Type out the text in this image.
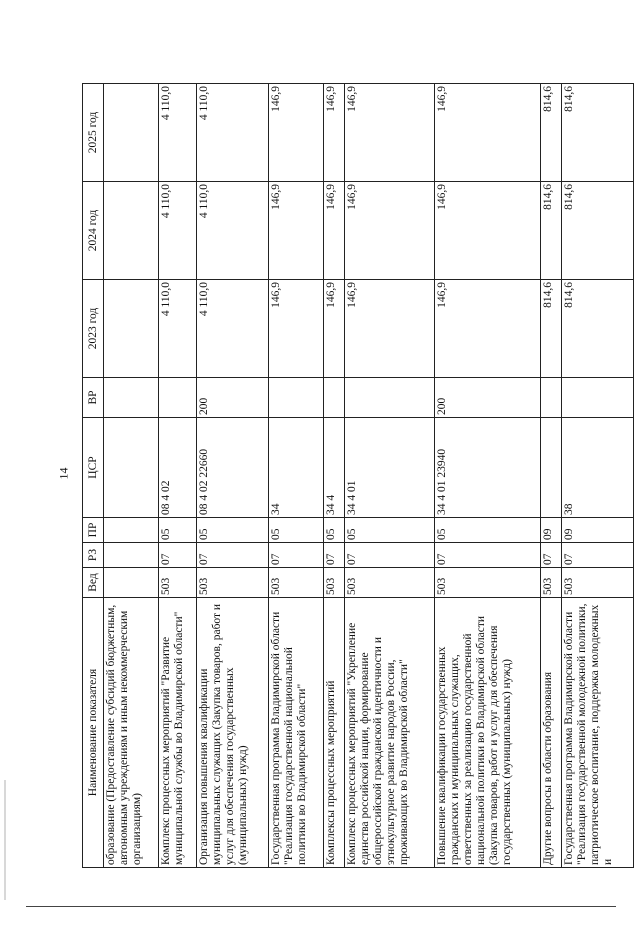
14
Наименование показателя	Вед	РЗ	ПР	ЦСР	ВР	2023 год	2024 год	2025 год
образование (Предоставление субсидий бюджетным, автономным учреждениям и иным некоммерческим организациям)								
Комплекс процессных мероприятий "Развитие муниципальной службы во Владимирской области"	503	07	05	08 4 02		4 110,0	4 110,0	4 110,0
Организация повышения квалификации муниципальных служащих (Закупка товаров, работ и услуг для обеспечения государственных (муниципальных) нужд)	503	07	05	08 4 02 22660	200	4 110,0	4 110,0	4 110,0
Государственная программа Владимирской области "Реализация государственной национальной политики во Владимирской области"	503	07	05	34		146,9	146,9	146,9
Комплексы процессных мероприятий	503	07	05	34 4		146,9	146,9	146,9
Комплекс процессных мероприятий "Укрепление единства российской нации, формирование общероссийской гражданской идентичности и этнокультурное развитие народов России, проживающих во Владимирской области"	503	07	05	34 4 01		146,9	146,9	146,9
Повышение квалификации государственных гражданских и муниципальных служащих, ответственных за реализацию государственной национальной политики во Владимирской области (Закупка товаров, работ и услуг для обеспечения государственных (муниципальных) нужд)	503	07	05	34 4 01 23940	200	146,9	146,9	146,9
Другие вопросы в области образования	503	07	09			814,6	814,6	814,6
Государственная программа Владимирской области "Реализация государственной молодежной политики, патриотическое воспитание, поддержка молодежных и	503	07	09	38		814,6	814,6	814,6
